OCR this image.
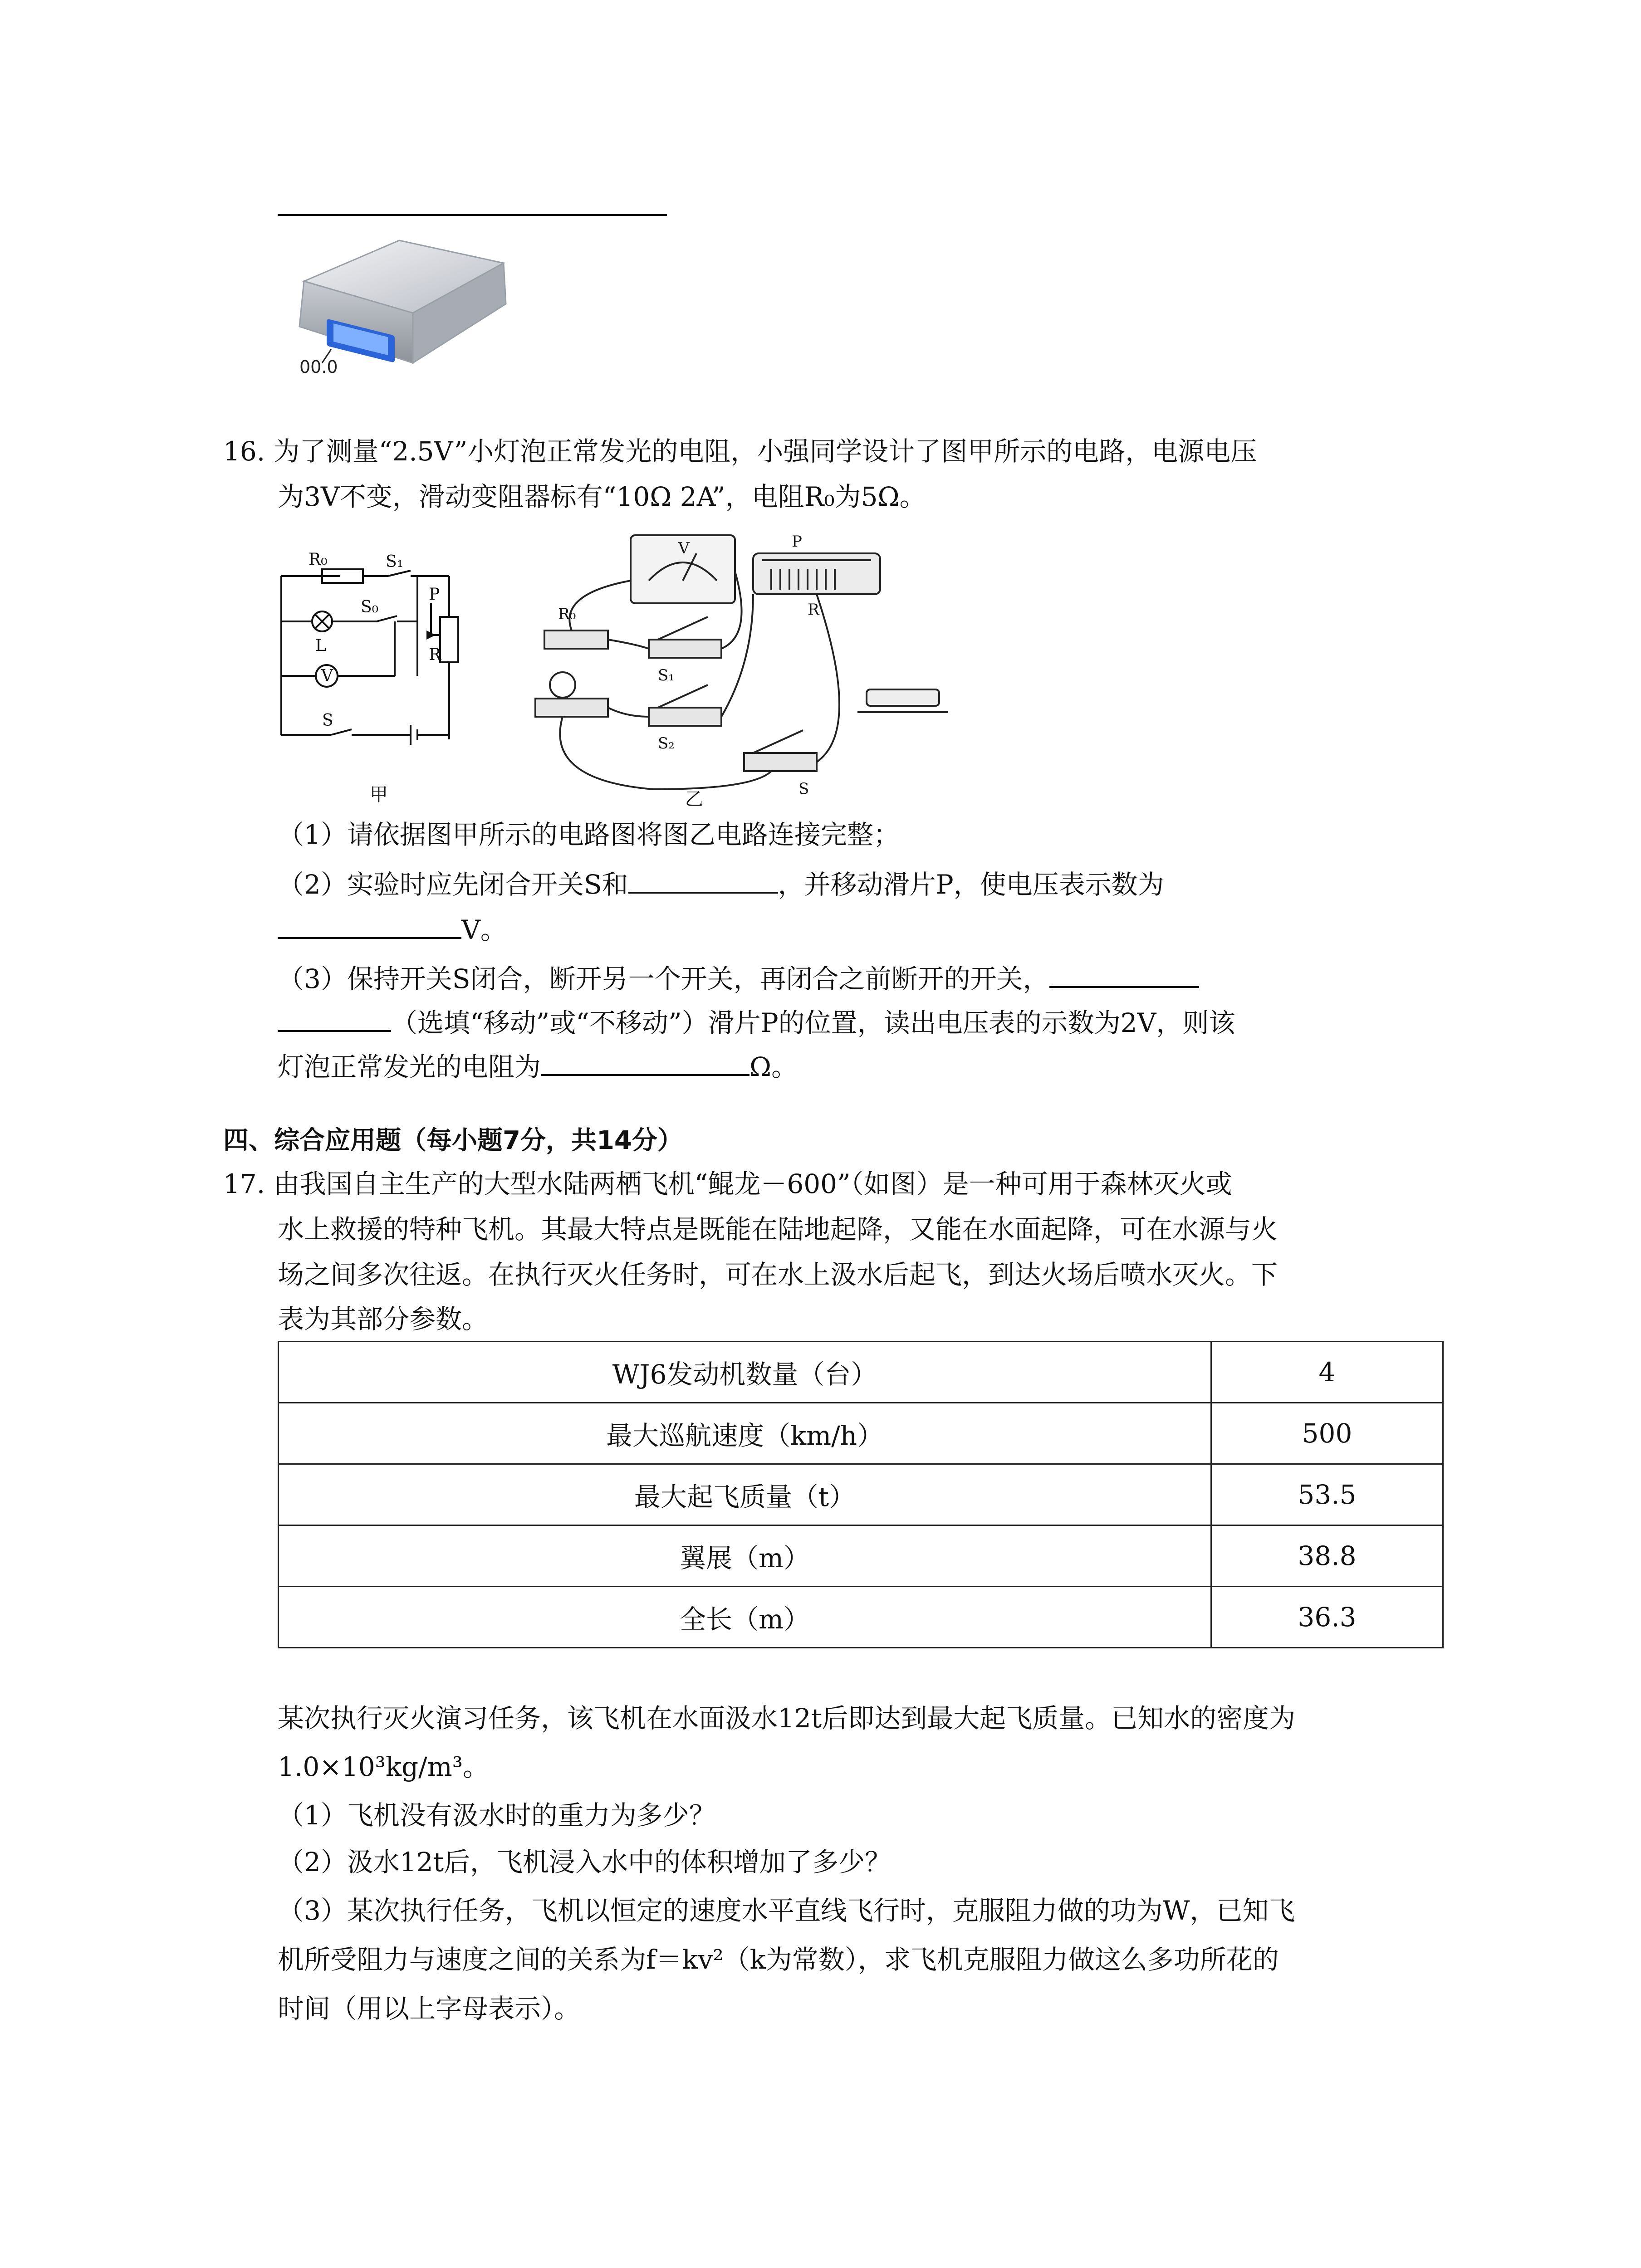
00.0
16. 为了测量“2.5V”小灯泡正常发光的电阻，小强同学设计了图甲所示的电路，电源电压
为3V不变，滑动变阻器标有“10Ω 2A”，电阻R₀为5Ω。
R₀	S₁
S₀
L
V
P
R
S
甲
V	P
R
R₀
S₁
S₂
S
乙
（1）请依据图甲所示的电路图将图乙电路连接完整；
（2）实验时应先闭合开关S和	，并移动滑片P，使电压表示数为
V。
（3）保持开关S闭合，断开另一个开关，再闭合之前断开的开关，
（选填“移动”或“不移动”）滑片P的位置，读出电压表的示数为2V，则该
灯泡正常发光的电阻为	Ω。
四、综合应用题（每小题7分，共14分）
17. 由我国自主生产的大型水陆两栖飞机“鲲龙－600”（如图）是一种可用于森林灭火或
水上救援的特种飞机。其最大特点是既能在陆地起降，又能在水面起降，可在水源与火
场之间多次往返。在执行灭火任务时，可在水上汲水后起飞，到达火场后喷水灭火。下
表为其部分参数。
WJ6发动机数量（台）	4
最大巡航速度（km/h）	500
最大起飞质量（t）	53.5
翼展（m）	38.8
全长（m）	36.3
某次执行灭火演习任务，该飞机在水面汲水12t后即达到最大起飞质量。已知水的密度为
1.0×10³kg/m³。
（1）飞机没有汲水时的重力为多少？
（2）汲水12t后，飞机浸入水中的体积增加了多少？
（3）某次执行任务，飞机以恒定的速度水平直线飞行时，克服阻力做的功为W，已知飞
机所受阻力与速度之间的关系为f＝kv²（k为常数），求飞机克服阻力做这么多功所花的
时间（用以上字母表示）。
